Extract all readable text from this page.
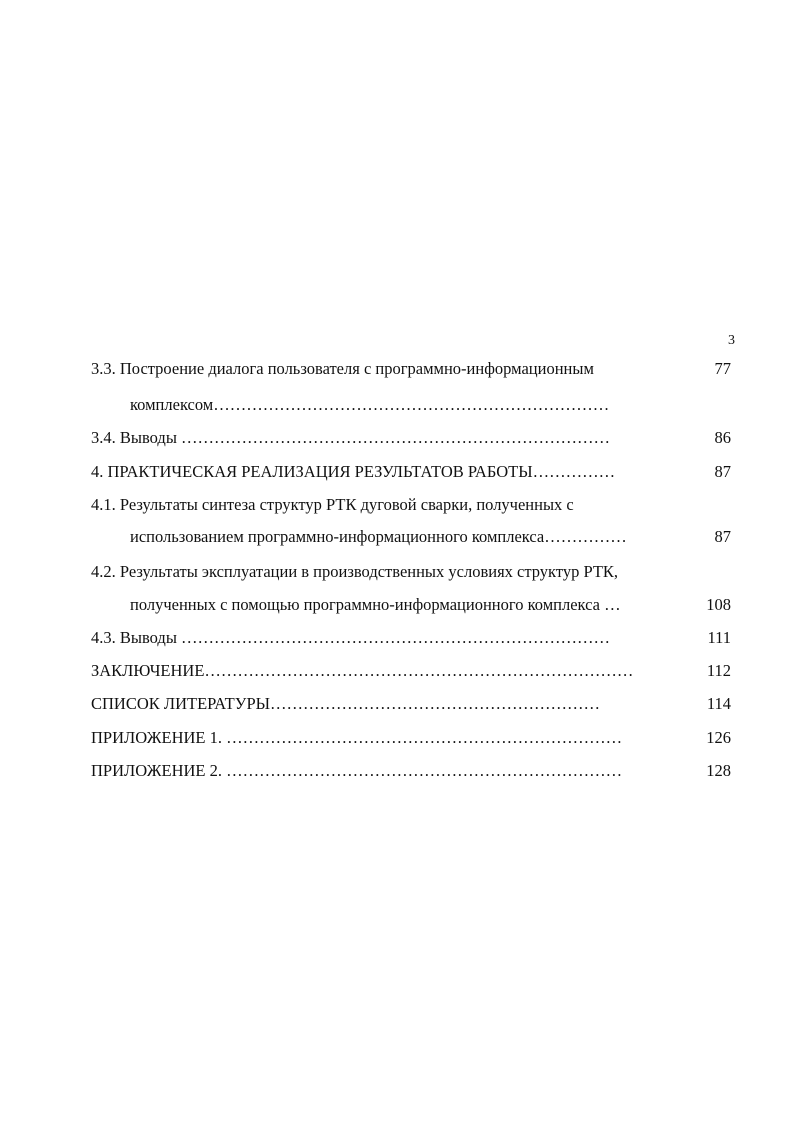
3
3.3. Построение диалога пользователя с программно-информационным	77
комплексом………………………………………………………………
3.4. Выводы ……………………………………………………………………	86
4. ПРАКТИЧЕСКАЯ РЕАЛИЗАЦИЯ РЕЗУЛЬТАТОВ РАБОТЫ……………	87
4.1. Результаты синтеза структур РТК дуговой сварки, полученных с
использованием программно-информационного комплекса……………	87
4.2. Результаты эксплуатации в производственных условиях структур РТК,
полученных с помощью программно-информационного комплекса …	108
4.3. Выводы ……………………………………………………………………	111
ЗАКЛЮЧЕНИЕ……………………………………………………………………	112
СПИСОК ЛИТЕРАТУРЫ……………………………………………………	114
ПРИЛОЖЕНИЕ 1. ………………………………………………………………	126
ПРИЛОЖЕНИЕ 2. ………………………………………………………………	128
